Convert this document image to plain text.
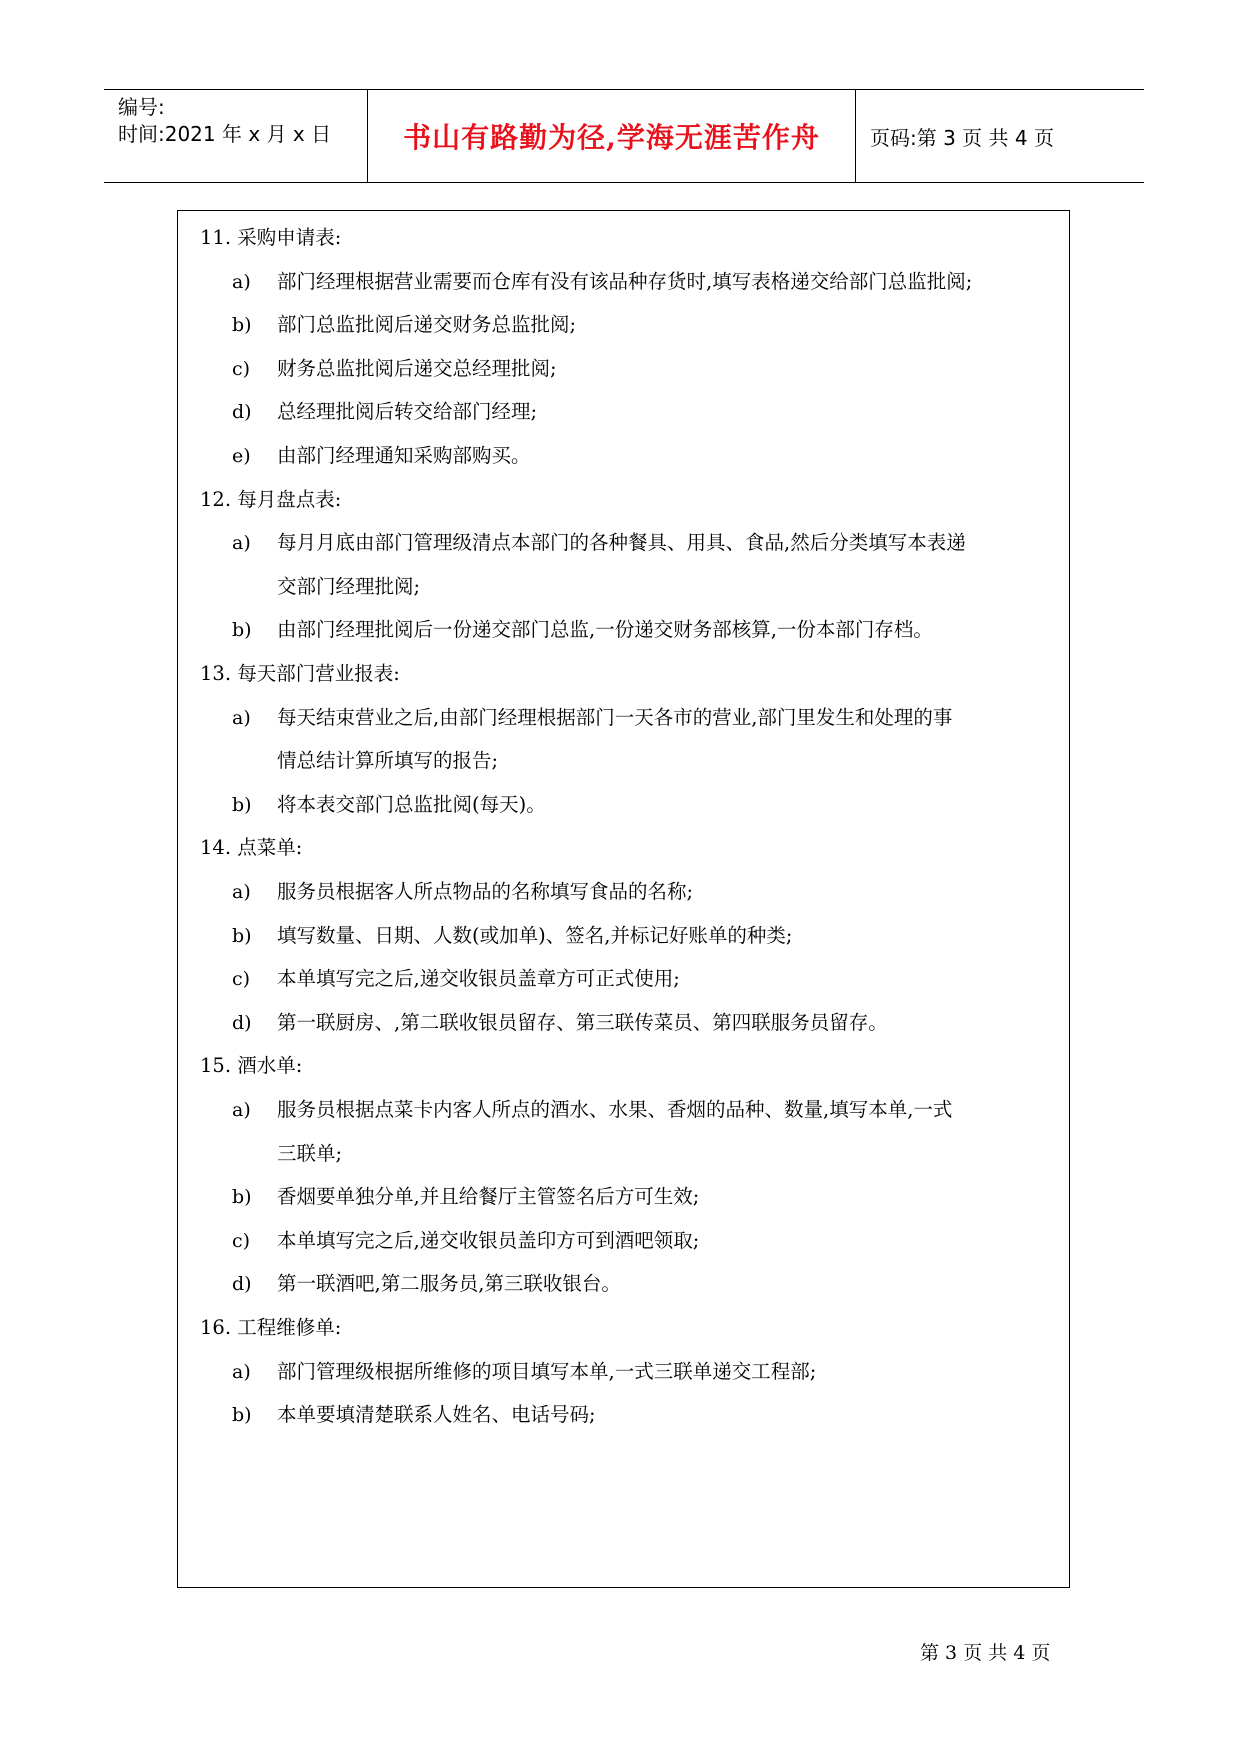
编号:
时间:2021 年 x 月 x 日	书山有路勤为径,学海无涯苦作舟	页码:第 3 页 共 4 页
11. 采购申请表:
a) 部门经理根据营业需要而仓库有没有该品种存货时,填写表格递交给部门总监批阅;
b) 部门总监批阅后递交财务总监批阅;
c) 财务总监批阅后递交总经理批阅;
d) 总经理批阅后转交给部门经理;
e) 由部门经理通知采购部购买。
12. 每月盘点表:
a) 每月月底由部门管理级清点本部门的各种餐具、用具、食品,然后分类填写本表递
交部门经理批阅;
b) 由部门经理批阅后一份递交部门总监,一份递交财务部核算,一份本部门存档。
13. 每天部门营业报表:
a) 每天结束营业之后,由部门经理根据部门一天各市的营业,部门里发生和处理的事
情总结计算所填写的报告;
b) 将本表交部门总监批阅(每天)。
14. 点菜单:
a) 服务员根据客人所点物品的名称填写食品的名称;
b) 填写数量、日期、人数(或加单)、签名,并标记好账单的种类;
c) 本单填写完之后,递交收银员盖章方可正式使用;
d) 第一联厨房、,第二联收银员留存、第三联传菜员、第四联服务员留存。
15. 酒水单:
a) 服务员根据点菜卡内客人所点的酒水、水果、香烟的品种、数量,填写本单,一式
三联单;
b) 香烟要单独分单,并且给餐厅主管签名后方可生效;
c) 本单填写完之后,递交收银员盖印方可到酒吧领取;
d) 第一联酒吧,第二服务员,第三联收银台。
16. 工程维修单:
a) 部门管理级根据所维修的项目填写本单,一式三联单递交工程部;
b) 本单要填清楚联系人姓名、电话号码;
第 3 页 共 4 页
